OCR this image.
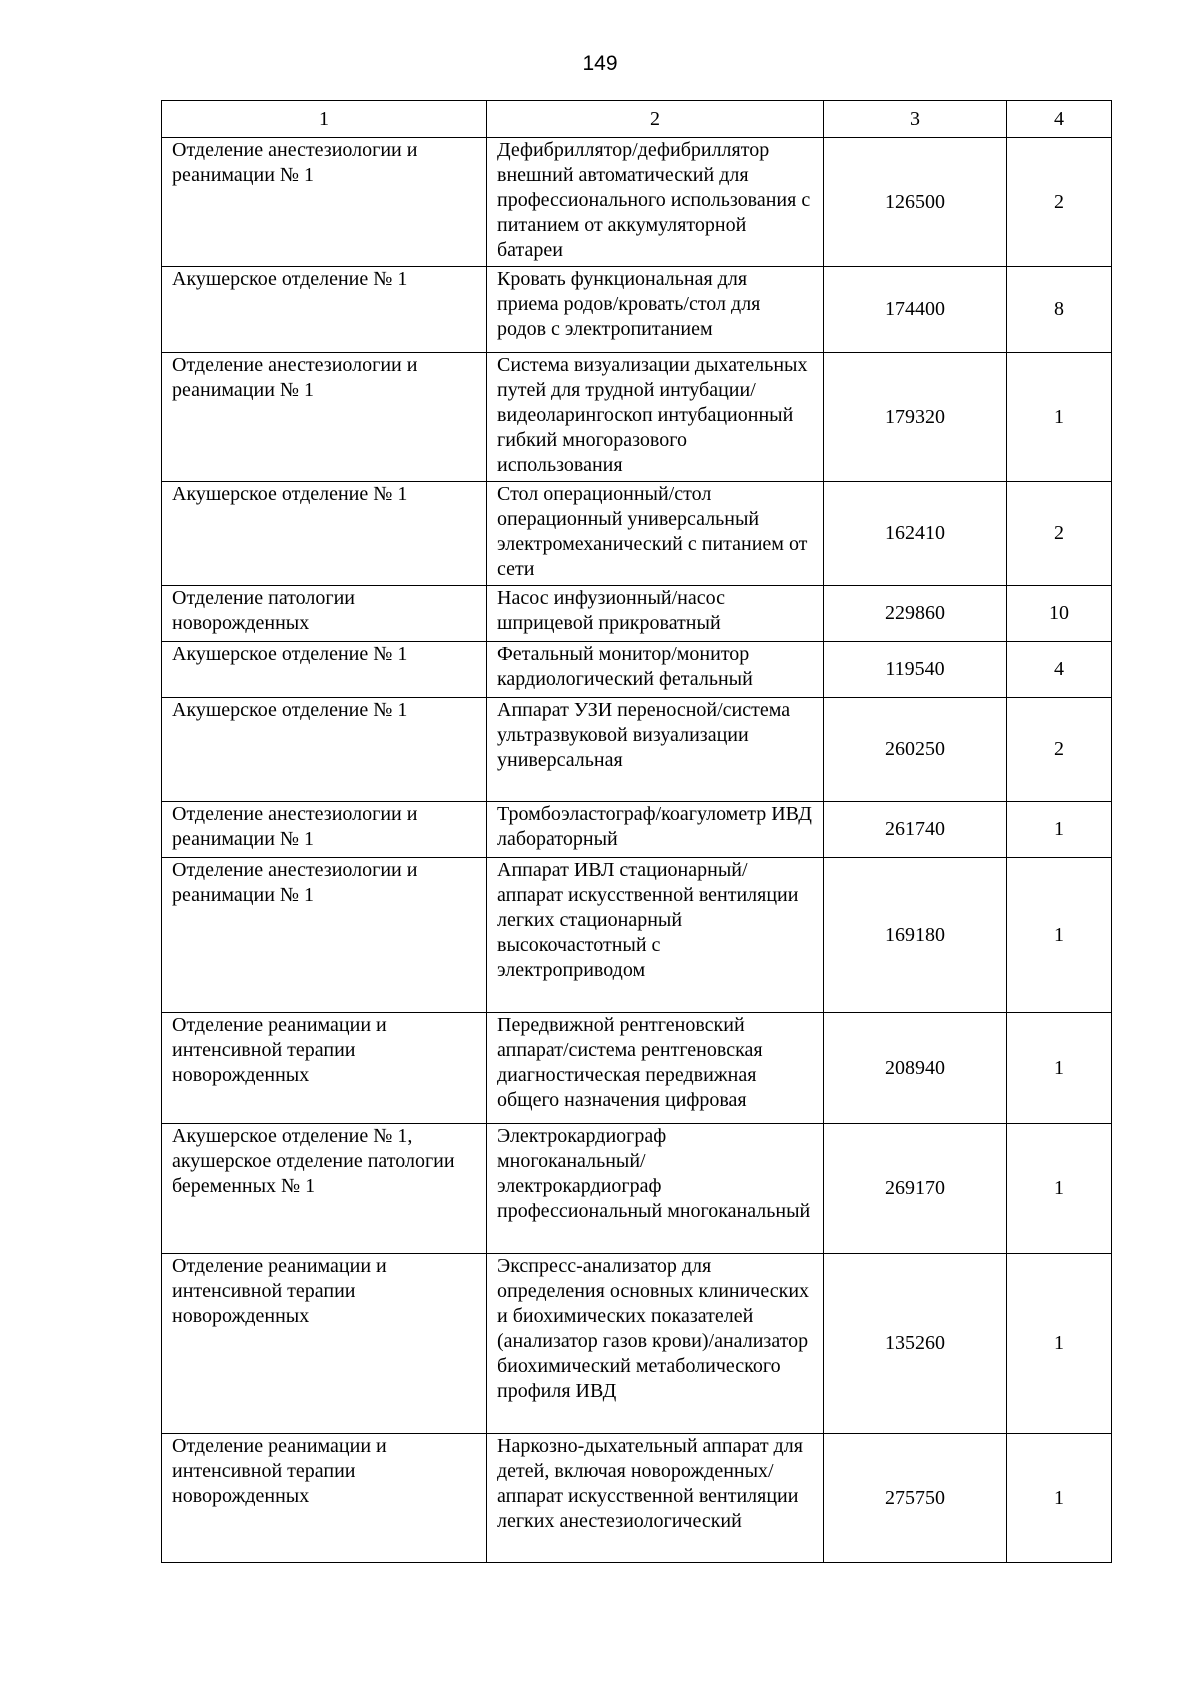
149
1	2	3	4
Отделение анестезиологии и реанимации № 1	Дефибриллятор/дефибриллятор внешний автоматический для профессионального использования с питанием от аккумуляторной батареи	126500	2
Акушерское отделение № 1	Кровать функциональная для приема родов/кровать/стол для родов с электропитанием	174400	8
Отделение анестезиологии и реанимации № 1	Система визуализации дыхательных путей для трудной интубации/видеоларингоскоп интубационный гибкий многоразового использования	179320	1
Акушерское отделение № 1	Стол операционный/стол операционный универсальный электромеханический с питанием от сети	162410	2
Отделение патологии новорожденных	Насос инфузионный/насос шприцевой прикроватный	229860	10
Акушерское отделение № 1	Фетальный монитор/монитор кардиологический фетальный	119540	4
Акушерское отделение № 1	Аппарат УЗИ переносной/система ультразвуковой визуализации универсальная	260250	2
Отделение анестезиологии и реанимации № 1	Тромбоэластограф/коагулометр ИВД лабораторный	261740	1
Отделение анестезиологии и реанимации № 1	Аппарат ИВЛ стационарный/аппарат искусственной вентиляции легких стационарный высокочастотный с электроприводом	169180	1
Отделение реанимации и интенсивной терапии новорожденных	Передвижной рентгеновский аппарат/система рентгеновская диагностическая передвижная общего назначения цифровая	208940	1
Акушерское отделение № 1, акушерское отделение патологии беременных № 1	Электрокардиограф многоканальный/ электрокардиограф профессиональный многоканальный	269170	1
Отделение реанимации и интенсивной терапии новорожденных	Экспресс-анализатор для определения основных клинических и биохимических показателей (анализатор газов крови)/анализатор биохимический метаболического профиля ИВД	135260	1
Отделение реанимации и интенсивной терапии новорожденных	Наркозно-дыхательный аппарат для детей, включая новорожденных/аппарат искусственной вентиляции легких анестезиологический	275750	1
